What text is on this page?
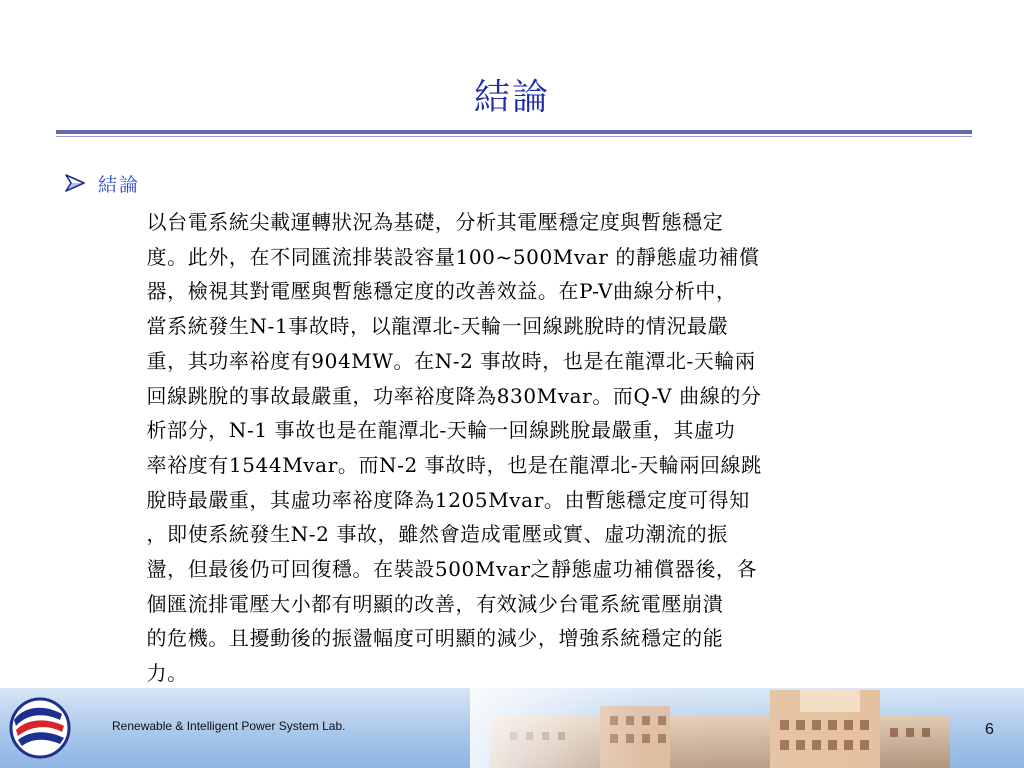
結論
結論

以台電系統尖載運轉狀況為基礎，分析其電壓穩定度與暫態穩定
度。此外，在不同匯流排裝設容量100~500Mvar 的靜態虛功補償
器，檢視其對電壓與暫態穩定度的改善效益。在P-V曲線分析中，
當系統發生N-1事故時，以龍潭北-天輪一回線跳脫時的情況最嚴
重，其功率裕度有904MW。在N-2 事故時，也是在龍潭北-天輪兩
回線跳脫的事故最嚴重，功率裕度降為830Mvar。而Q-V 曲線的分
析部分，N-1 事故也是在龍潭北-天輪一回線跳脫最嚴重，其虛功
率裕度有1544Mvar。而N-2 事故時，也是在龍潭北-天輪兩回線跳
脫時最嚴重，其虛功率裕度降為1205Mvar。由暫態穩定度可得知
，即使系統發生N-2 事故，雖然會造成電壓或實、虛功潮流的振
盪，但最後仍可回復穩。在裝設500Mvar之靜態虛功補償器後，各
個匯流排電壓大小都有明顯的改善，有效減少台電系統電壓崩潰
的危機。且擾動後的振盪幅度可明顯的減少，增強系統穩定的能
力。

Renewable & Intelligent Power System Lab.	6
